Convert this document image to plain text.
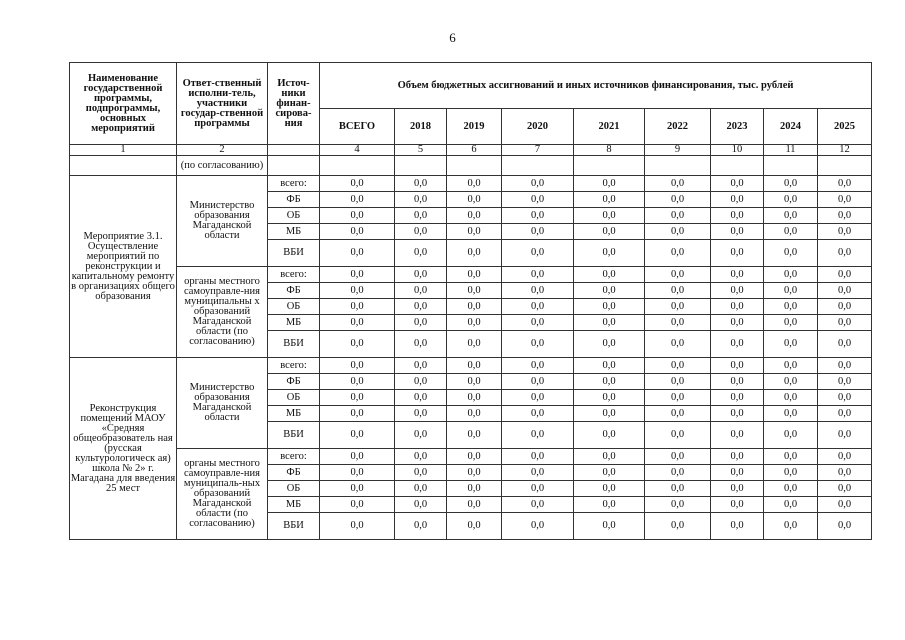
6
Наименование государственной программы, подпрограммы, основных мероприятий	Ответ-ственный исполни-тель, участники государ-ственной программы	Источ-ники финан-сирова-ния	Объем бюджетных ассигнований и иных источников финансирования, тыс. рублей								
			ВСЕГО	2018	2019	2020	2021	2022	2023	2024	2025
1	2		4	5	6	7	8	9	10	11	12
	(по согласованию)										
Мероприятие 3.1. Осуществление мероприятий по реконструкции и капитальному ремонту в организациях общего образования	Министерство образования Магаданской области	всего:	0,0	0,0	0,0	0,0	0,0	0,0	0,0	0,0	0,0
		ФБ	0,0	0,0	0,0	0,0	0,0	0,0	0,0	0,0	0,0
		ОБ	0,0	0,0	0,0	0,0	0,0	0,0	0,0	0,0	0,0
		МБ	0,0	0,0	0,0	0,0	0,0	0,0	0,0	0,0	0,0
		ВБИ	0,0	0,0	0,0	0,0	0,0	0,0	0,0	0,0	0,0
	органы местного самоуправле-ния муниципальны х образований Магаданской области (по согласованию)	всего:	0,0	0,0	0,0	0,0	0,0	0,0	0,0	0,0	0,0
		ФБ	0,0	0,0	0,0	0,0	0,0	0,0	0,0	0,0	0,0
		ОБ	0,0	0,0	0,0	0,0	0,0	0,0	0,0	0,0	0,0
		МБ	0,0	0,0	0,0	0,0	0,0	0,0	0,0	0,0	0,0
		ВБИ	0,0	0,0	0,0	0,0	0,0	0,0	0,0	0,0	0,0
Реконструкция помещений МАОУ «Средняя общеобразователь ная (русская культурологическ ая) школа № 2» г. Магадана для введения 25 мест	Министерство образования Магаданской области	всего:	0,0	0,0	0,0	0,0	0,0	0,0	0,0	0,0	0,0
		ФБ	0,0	0,0	0,0	0,0	0,0	0,0	0,0	0,0	0,0
		ОБ	0,0	0,0	0,0	0,0	0,0	0,0	0,0	0,0	0,0
		МБ	0,0	0,0	0,0	0,0	0,0	0,0	0,0	0,0	0,0
		ВБИ	0,0	0,0	0,0	0,0	0,0	0,0	0,0	0,0	0,0
	органы местного самоуправле-ния муниципаль-ных образований Магаданской области (по согласованию)	всего:	0,0	0,0	0,0	0,0	0,0	0,0	0,0	0,0	0,0
		ФБ	0,0	0,0	0,0	0,0	0,0	0,0	0,0	0,0	0,0
		ОБ	0,0	0,0	0,0	0,0	0,0	0,0	0,0	0,0	0,0
		МБ	0,0	0,0	0,0	0,0	0,0	0,0	0,0	0,0	0,0
		ВБИ	0,0	0,0	0,0	0,0	0,0	0,0	0,0	0,0	0,0
